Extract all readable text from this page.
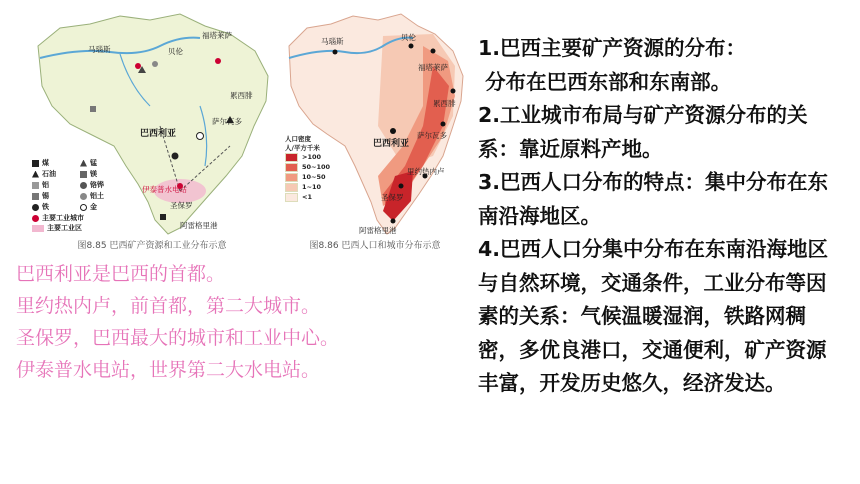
马瑙斯	贝伦
福塔莱萨
累西腓
萨尔瓦多
巴西利亚
圣保罗
阿雷格里港
伊泰普水电站
煤	锰
石油	镁
铝	铬铧
锡	铝土
铁	金
主要工业城市
主要工业区
图8.85 巴西矿产资源和工业分布示意
马瑙斯	贝伦
福塔莱萨
累西腓
萨尔瓦多
巴西利亚
圣保罗
里约热内卢
阿雷格里港
人口密度
人/平方千米
>100
50~100
10~50
1~10
<1
图8.86 巴西人口和城市分布示意
巴西利亚是巴西的首都。
里约热内卢，前首都，第二大城市。
圣保罗，巴西最大的城市和工业中心。
伊泰普水电站，世界第二大水电站。

1.巴西主要矿产资源的分布：

分布在巴西东部和东南部。

2.工业城市布局与矿产资源分布的关系：靠近原料产地。

3.巴西人口分布的特点：集中分布在东南沿海地区。

4.巴西人口分集中分布在东南沿海地区与自然环境，交通条件，工业分布等因素的关系：气候温暖湿润，铁路网稠密，多优良港口，交通便利，矿产资源丰富，开发历史悠久，经济发达。
